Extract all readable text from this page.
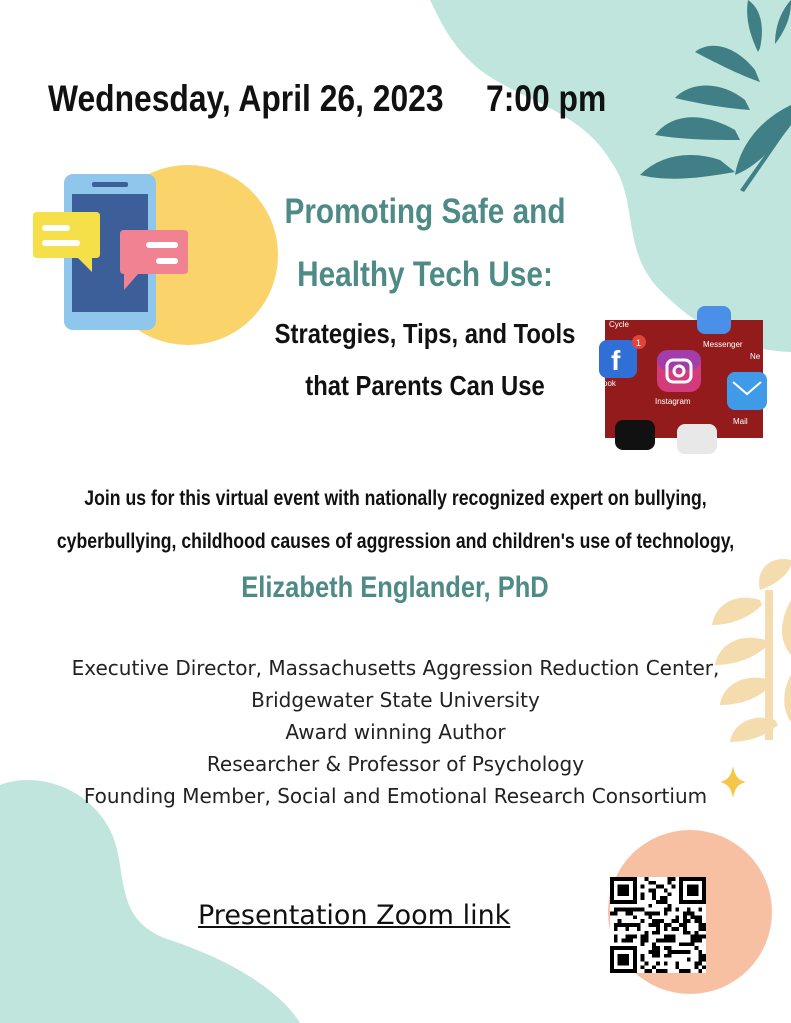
Wednesday, April 26, 2023 7:00 pm
Promoting Safe and
Healthy Tech Use:
Strategies, Tips, and Tools
that Parents Can Use
f
1
Cycle
Messenger
Ne
ook
Instagram
Mail
Join us for this virtual event with nationally recognized expert on bullying,
cyberbullying, childhood causes of aggression and children's use of technology,
Elizabeth Englander, PhD
Executive Director, Massachusetts Aggression Reduction Center,
Bridgewater State University
Award winning Author
Researcher & Professor of Psychology
Founding Member, Social and Emotional Research Consortium
Presentation Zoom link
